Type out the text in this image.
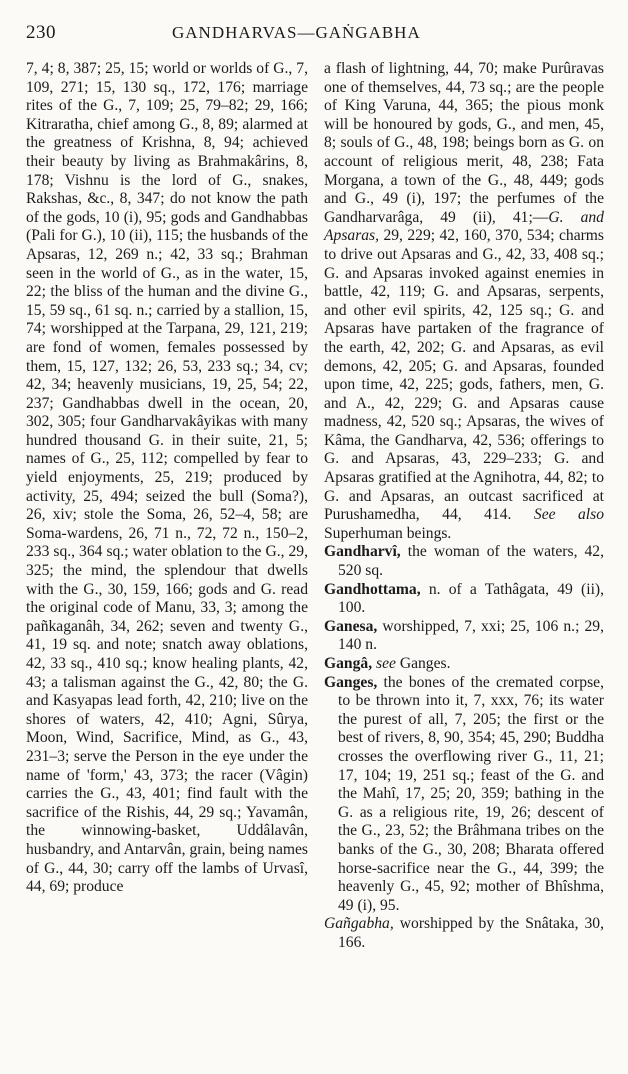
230	GANDHARVAS—GAṄGABHA

7, 4; 8, 387; 25, 15; world or worlds of G., 7, 109, 271; 15, 130 sq., 172, 176; marriage rites of the G., 7, 109; 25, 79–82; 29, 166; Kitraratha, chief among G., 8, 89; alarmed at the greatness of Krishna, 8, 94; achieved their beauty by living as Brahmakârins, 8, 178; Vishnu is the lord of G., snakes, Rakshas, &c., 8, 347; do not know the path of the gods, 10 (i), 95; gods and Gandhabbas (Pali for G.), 10 (ii), 115; the husbands of the Apsaras, 12, 269 n.; 42, 33 sq.; Brahman seen in the world of G., as in the water, 15, 22; the bliss of the human and the divine G., 15, 59 sq., 61 sq. n.; carried by a stallion, 15, 74; worshipped at the Tarpana, 29, 121, 219; are fond of women, females possessed by them, 15, 127, 132; 26, 53, 233 sq.; 34, cv; 42, 34; heavenly musicians, 19, 25, 54; 22, 237; Gandhabbas dwell in the ocean, 20, 302, 305; four Gandharvakâyikas with many hundred thousand G. in their suite, 21, 5; names of G., 25, 112; compelled by fear to yield enjoyments, 25, 219; produced by activity, 25, 494; seized the bull (Soma?), 26, xiv; stole the Soma, 26, 52–4, 58; are Soma-wardens, 26, 71 n., 72, 72 n., 150–2, 233 sq., 364 sq.; water oblation to the G., 29, 325; the mind, the splendour that dwells with the G., 30, 159, 166; gods and G. read the original code of Manu, 33, 3; among the pañkaganâh, 34, 262; seven and twenty G., 41, 19 sq. and note; snatch away oblations, 42, 33 sq., 410 sq.; know healing plants, 42, 43; a talisman against the G., 42, 80; the G. and Kasyapas lead forth, 42, 210; live on the shores of waters, 42, 410; Agni, Sûrya, Moon, Wind, Sacrifice, Mind, as G., 43, 231–3; serve the Person in the eye under the name of 'form,' 43, 373; the racer (Vâgin) carries the G., 43, 401; find fault with the sacrifice of the Rishis, 44, 29 sq.; Yavamân, the winnowing-basket, Uddâlavân, husbandry, and Antarvân, grain, being names of G., 44, 30; carry off the lambs of Urvasî, 44, 69; produce

a flash of lightning, 44, 70; make Purûravas one of themselves, 44, 73 sq.; are the people of King Varuna, 44, 365; the pious monk will be honoured by gods, G., and men, 45, 8; souls of G., 48, 198; beings born as G. on account of religious merit, 48, 238; Fata Morgana, a town of the G., 48, 449; gods and G., 49 (i), 197; the perfumes of the Gandharvarâga, 49 (ii), 41;—G. and Apsaras, 29, 229; 42, 160, 370, 534; charms to drive out Apsaras and G., 42, 33, 408 sq.; G. and Apsaras invoked against enemies in battle, 42, 119; G. and Apsaras, serpents, and other evil spirits, 42, 125 sq.; G. and Apsaras have partaken of the fragrance of the earth, 42, 202; G. and Apsaras, as evil demons, 42, 205; G. and Apsaras, founded upon time, 42, 225; gods, fathers, men, G. and A., 42, 229; G. and Apsaras cause madness, 42, 520 sq.; Apsaras, the wives of Kâma, the Gandharva, 42, 536; offerings to G. and Apsaras, 43, 229–233; G. and Apsaras gratified at the Agnihotra, 44, 82; to G. and Apsaras, an outcast sacrificed at Purushamedha, 44, 414. See also Superhuman beings.

Gandharvî, the woman of the waters, 42, 520 sq.

Gandhottama, n. of a Tathâgata, 49 (ii), 100.

Ganesa, worshipped, 7, xxi; 25, 106 n.; 29, 140 n.

Gangâ, see Ganges.

Ganges, the bones of the cremated corpse, to be thrown into it, 7, xxx, 76; its water the purest of all, 7, 205; the first or the best of rivers, 8, 90, 354; 45, 290; Buddha crosses the overflowing river G., 11, 21; 17, 104; 19, 251 sq.; feast of the G. and the Mahî, 17, 25; 20, 359; bathing in the G. as a religious rite, 19, 26; descent of the G., 23, 52; the Brâhmana tribes on the banks of the G., 30, 208; Bharata offered horse-sacrifice near the G., 44, 399; the heavenly G., 45, 92; mother of Bhîshma, 49 (i), 95.

Gañgabha, worshipped by the Snâtaka, 30, 166.
